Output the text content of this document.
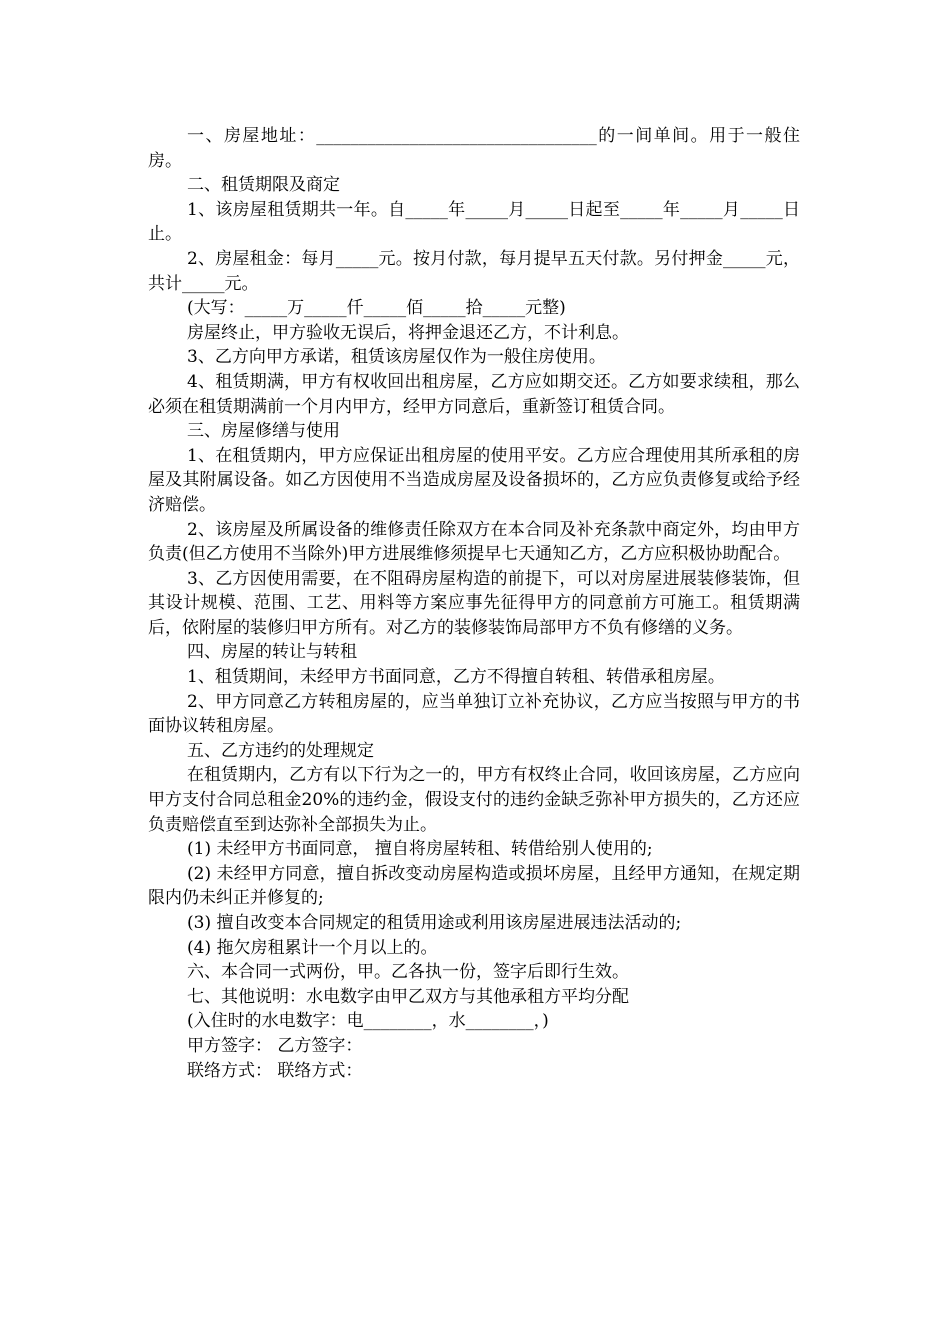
一、房屋地址：_________________________________的一间单间。用于一般住房。

二、租赁期限及商定

1、该房屋租赁期共一年。自_____年_____月_____日起至_____年_____月_____日止。

2、房屋租金：每月_____元。按月付款，每月提早五天付款。另付押金_____元，共计_____元。

(大写：_____万_____仟_____佰_____拾_____元整)

房屋终止，甲方验收无误后，将押金退还乙方，不计利息。

3、乙方向甲方承诺，租赁该房屋仅作为一般住房使用。

4、租赁期满，甲方有权收回出租房屋，乙方应如期交还。乙方如要求续租，那么必须在租赁期满前一个月内甲方，经甲方同意后，重新签订租赁合同。

三、房屋修缮与使用

1、在租赁期内，甲方应保证出租房屋的使用平安。乙方应合理使用其所承租的房屋及其附属设备。如乙方因使用不当造成房屋及设备损坏的，乙方应负责修复或给予经济赔偿。

2、该房屋及所属设备的维修责任除双方在本合同及补充条款中商定外，均由甲方负责(但乙方使用不当除外)甲方进展维修须提早七天通知乙方，乙方应积极协助配合。

3、乙方因使用需要，在不阻碍房屋构造的前提下，可以对房屋进展装修装饰，但其设计规模、范围、工艺、用料等方案应事先征得甲方的同意前方可施工。租赁期满后，依附屋的装修归甲方所有。对乙方的装修装饰局部甲方不负有修缮的义务。

四、房屋的转让与转租

1、租赁期间，未经甲方书面同意，乙方不得擅自转租、转借承租房屋。

2、甲方同意乙方转租房屋的，应当单独订立补充协议，乙方应当按照与甲方的书面协议转租房屋。

五、乙方违约的处理规定

在租赁期内，乙方有以下行为之一的，甲方有权终止合同，收回该房屋，乙方应向甲方支付合同总租金20%的违约金，假设支付的违约金缺乏弥补甲方损失的，乙方还应负责赔偿直至到达弥补全部损失为止。

(1) 未经甲方书面同意， 擅自将房屋转租、转借给别人使用的;

(2) 未经甲方同意，擅自拆改变动房屋构造或损坏房屋，且经甲方通知，在规定期限内仍未纠正并修复的;

(3) 擅自改变本合同规定的租赁用途或利用该房屋进展违法活动的;

(4) 拖欠房租累计一个月以上的。

六、本合同一式两份，甲。乙各执一份，签字后即行生效。

七、其他说明：水电数字由甲乙双方与其他承租方平均分配

(入住时的水电数字：电________，水________，)

甲方签字： 乙方签字：

联络方式： 联络方式：
